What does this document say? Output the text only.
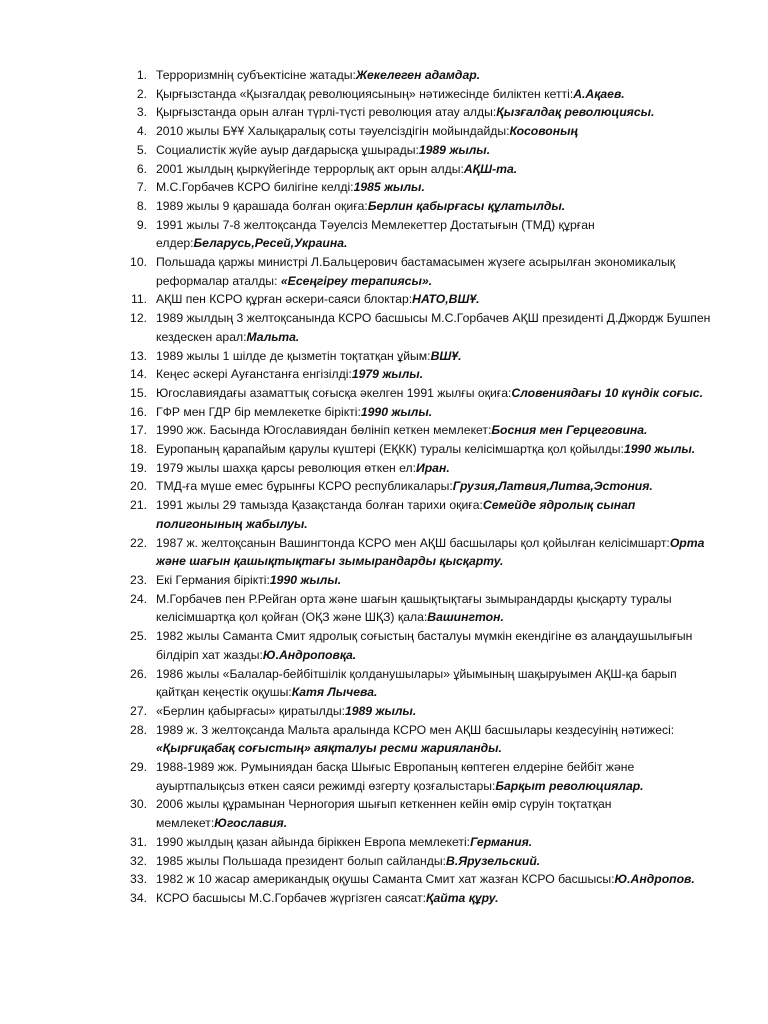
1. Терроризмнің субъектісіне жатады:Жекелеген адамдар.
2. Қырғызстанда «Қызғалдақ революциясының» нәтижесінде биліктен кетті:А.Ақаев.
3. Қырғызстанда орын алған түрлі-түсті революция атау алды:Қызғалдақ революциясы.
4. 2010 жылы БҰҰ Халықаралық соты тәуелсіздігін мойындайды:Косовоның
5. Социалистік жүйе ауыр дағдарысқа ұшырады:1989 жылы.
6. 2001 жылдың қыркүйегінде террорлық акт орын алды:АҚШ-та.
7. М.С.Горбачев КСРО билігіне келді:1985 жылы.
8. 1989 жылы 9 қарашада болған оқиға:Берлин қабырғасы құлатылды.
9. 1991 жылы 7-8 желтоқсанда Тәуелсіз Мемлекеттер Достатығын (ТМД) құрған елдер:Беларусь,Ресей,Украина.
10. Польшада қаржы министрі Л.Бальцерович бастамасымен жүзеге асырылған экономикалық реформалар аталды: «Есеңгіреу терапиясы».
11. АҚШ пен КСРО құрған әскери-саяси блоктар:НАТО,ВШҰ.
12. 1989 жылдың 3 желтоқсанында КСРО басшысы М.С.Горбачев АҚШ президенті Д.Джордж Бушпен кездескен арал:Мальта.
13. 1989 жылы 1 шілде де қызметін тоқтатқан ұйым:ВШҰ.
14. Кеңес әскері Ауғанстанға енгізілді:1979 жылы.
15. Югославиядағы азаматтық соғысқа әкелген 1991 жылғы оқиға:Словениядағы 10 күндік соғыс.
16. ГФР мен ГДР бір мемлекетке бірікті:1990 жылы.
17. 1990 жж. Басында Югославиядан бөлініп кеткен мемлекет:Босния мен Герцеговина.
18. Еуропаның қарапайым қарулы күштері (ЕҚКК) туралы келісімшартқа қол қойылды:1990 жылы.
19. 1979 жылы шахқа қарсы революция өткен ел:Иран.
20. ТМД-ға мүше емес бұрынғы КСРО республикалары:Грузия,Латвия,Литва,Эстония.
21. 1991 жылы 29 тамызда Қазақстанда болған тарихи оқиға:Семейде ядролық сынап полигонының жабылуы.
22. 1987 ж. желтоқсанын Вашингтонда КСРО мен АҚШ басшылары қол қойылған келісімшарт:Орта және шағын қашықтықтағы зымырандарды қысқарту.
23. Екі Германия бірікті:1990 жылы.
24. М.Горбачев пен Р.Рейган орта және шағын қашықтықтағы зымырандарды қысқарту туралы келісімшартқа қол қойған (ОҚЗ және ШҚЗ) қала:Вашингтон.
25. 1982 жылы Саманта Смит ядролық соғыстың басталуы мүмкін екендігіне өз алаңдаушылығын білдіріп хат жазды:Ю.Андроповқа.
26. 1986 жылы «Балалар-бейбітшілік қолданушылары» ұйымының шақыруымен АҚШ-қа барып қайтқан кеңестік оқушы:Катя Лычева.
27. «Берлин қабырғасы» қиратылды:1989 жылы.
28. 1989 ж. 3 желтоқсанда Мальта аралында КСРО мен АҚШ басшылары кездесуінің нәтижесі: «Қырғиқабақ соғыстың» аяқталуы ресми жарияланды.
29. 1988-1989 жж. Румыниядан басқа Шығыс Европаның көптеген елдеріне бейбіт және ауыртпалықсыз өткен саяси режимді өзгерту қозғалыстары:Барқыт революциялар.
30. 2006 жылы құрамынан Черногория шығып кеткеннен кейін өмір сүруін тоқтатқан мемлекет:Югославия.
31. 1990 жылдың қазан айында біріккен Европа мемлекеті:Германия.
32. 1985 жылы Польшада президент болып сайланды:В.Ярузельский.
33. 1982 ж 10 жасар американдық оқушы Саманта Смит хат жазған КСРО басшысы:Ю.Андропов.
34. КСРО басшысы М.С.Горбачев жүргізген саясат:Қайта құру.
